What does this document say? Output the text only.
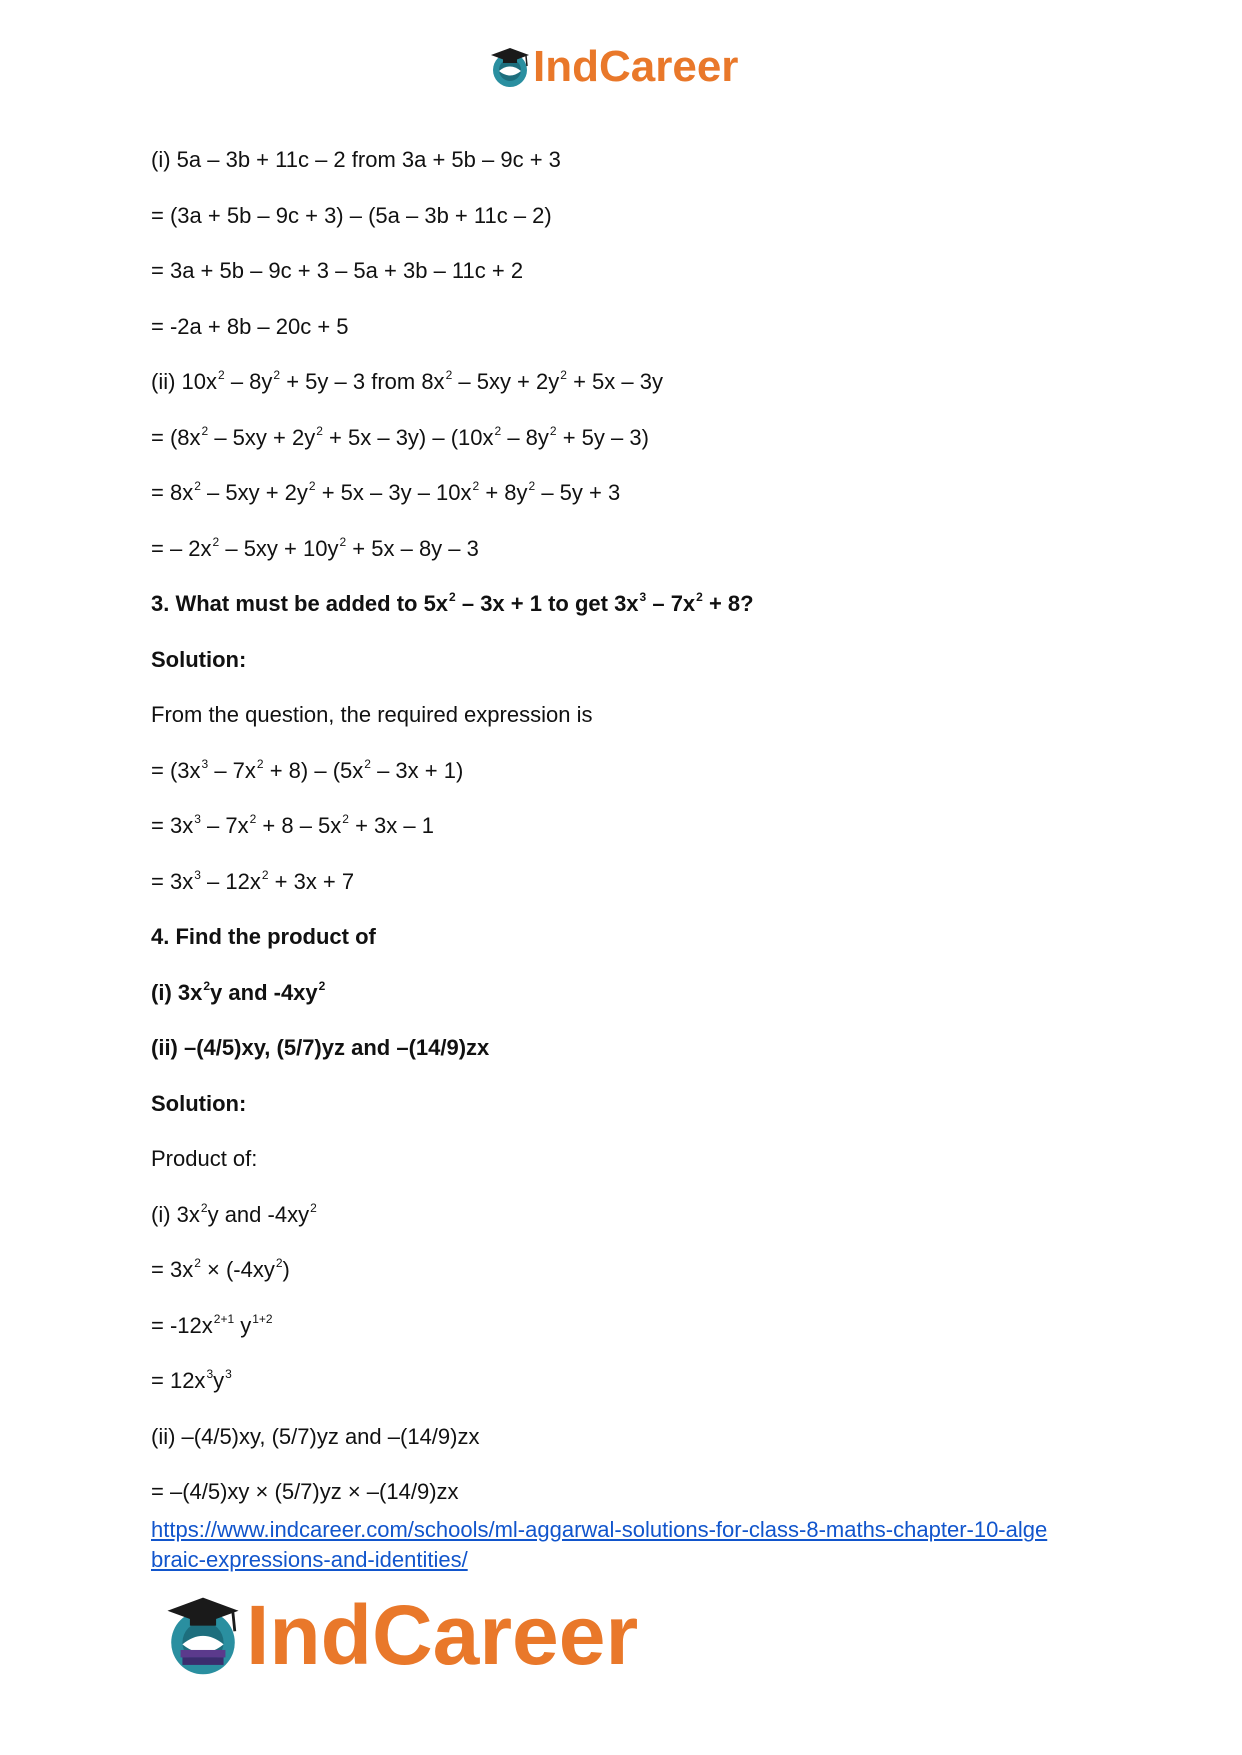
IndCareer
(i) 5a – 3b + 11c – 2 from 3a + 5b – 9c + 3
= (3a + 5b – 9c + 3) – (5a – 3b + 11c – 2)
= 3a + 5b – 9c + 3 – 5a + 3b – 11c + 2
= -2a + 8b – 20c + 5
(ii) $10x^2 - 8y^2 + 5y - 3$ from $8x^2 - 5xy + 2y^2 + 5x - 3y$
= $(8x^2 - 5xy + 2y^2 + 5x - 3y) - (10x^2 - 8y^2 + 5y - 3)$
= $8x^2 - 5xy + 2y^2 + 5x - 3y - 10x^2 + 8y^2 - 5y + 3$
= – $2x^2 - 5xy + 10y^2 + 5x - 8y - 3$
3. What must be added to $5x^2 - 3x + 1$ to get $3x^3 - 7x^2 + 8$?
Solution:
From the question, the required expression is
= $(3x^3 - 7x^2 + 8) - (5x^2 - 3x + 1)$
= $3x^3 - 7x^2 + 8 - 5x^2 + 3x - 1$
= $3x^3 - 12x^2 + 3x + 7$
4. Find the product of
(i) $3x^2y$ and $-4xy^2$
(ii) –(4/5)xy, (5/7)yz and –(14/9)zx
Solution:
Product of:
(i) $3x^2y$ and $-4xy^2$
= $3x^2 \times (-4xy^2)$
= $-12x^{2+1}$ $y^{1+2}$
= $12x^3y^3$
(ii) –(4/5)xy, (5/7)yz and –(14/9)zx
= –(4/5)xy × (5/7)yz × –(14/9)zx
https://www.indcareer.com/schools/ml-aggarwal-solutions-for-class-8-maths-chapter-10-alge
braic-expressions-and-identities/
IndCareer
